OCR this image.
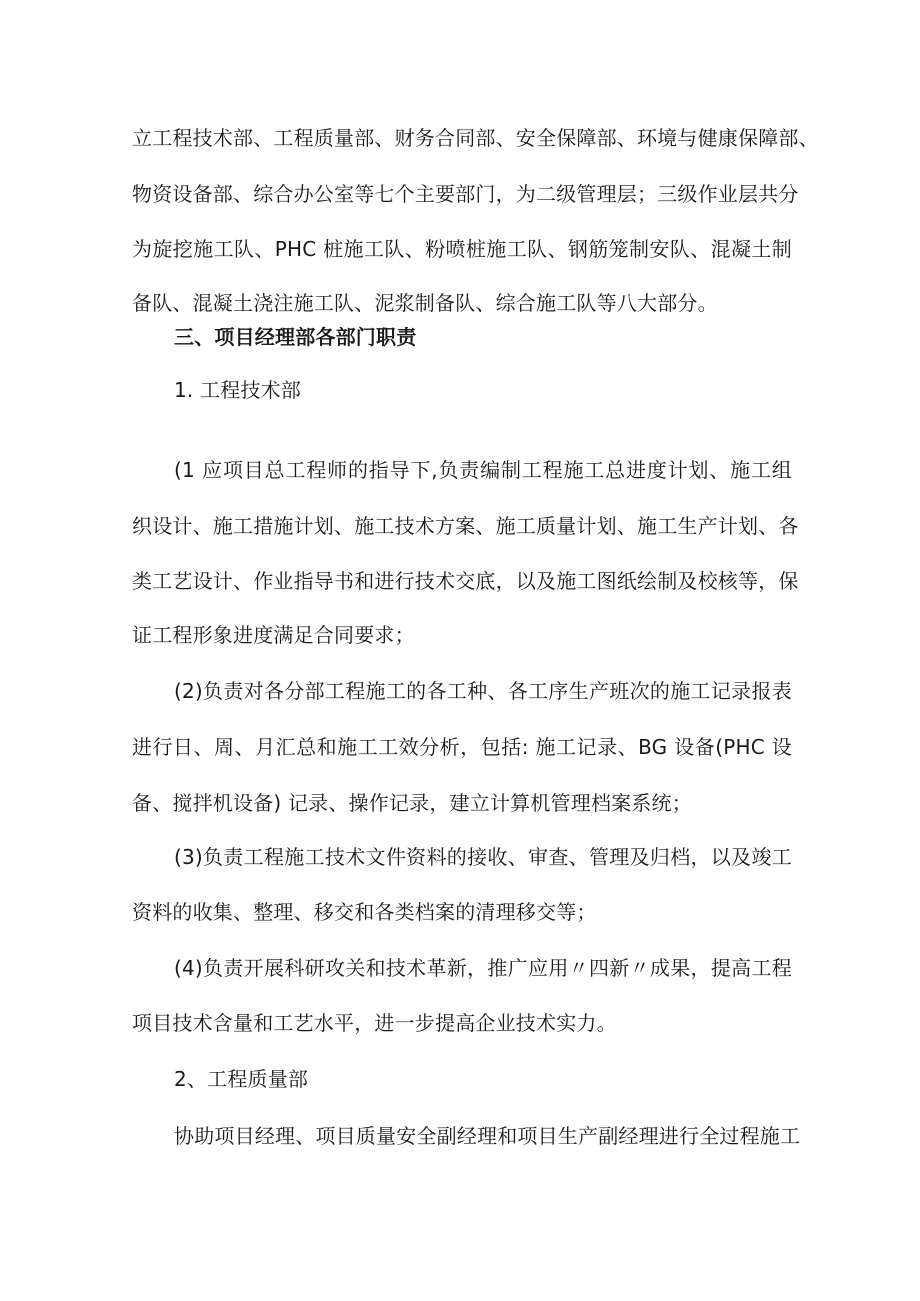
立工程技术部、工程质量部、财务合同部、安全保障部、环境与健康保障部、
物资设备部、综合办公室等七个主要部门，为二级管理层；三级作业层共分
为旋挖施工队、PHC 桩施工队、粉喷桩施工队、钢筋笼制安队、混凝土制
备队、混凝土浇注施工队、泥浆制备队、综合施工队等八大部分。
三、项目经理部各部门职责
1. 工程技术部
(1 应项目总工程师的指导下,负责编制工程施工总进度计划、施工组
织设计、施工措施计划、施工技术方案、施工质量计划、施工生产计划、各
类工艺设计、作业指导书和进行技术交底，以及施工图纸绘制及校核等，保
证工程形象进度满足合同要求；
(2)负责对各分部工程施工的各工种、各工序生产班次的施工记录报表
进行日、周、月汇总和施工工效分析，包括: 施工记录、BG 设备(PHC 设
备、搅拌机设备) 记录、操作记录，建立计算机管理档案系统；
(3)负责工程施工技术文件资料的接收、审查、管理及归档，以及竣工
资料的收集、整理、移交和各类档案的清理移交等；
(4)负责开展科研攻关和技术革新，推广应用〃四新〃成果，提高工程
项目技术含量和工艺水平，进一步提高企业技术实力。
2、工程质量部
协助项目经理、项目质量安全副经理和项目生产副经理进行全过程施工
